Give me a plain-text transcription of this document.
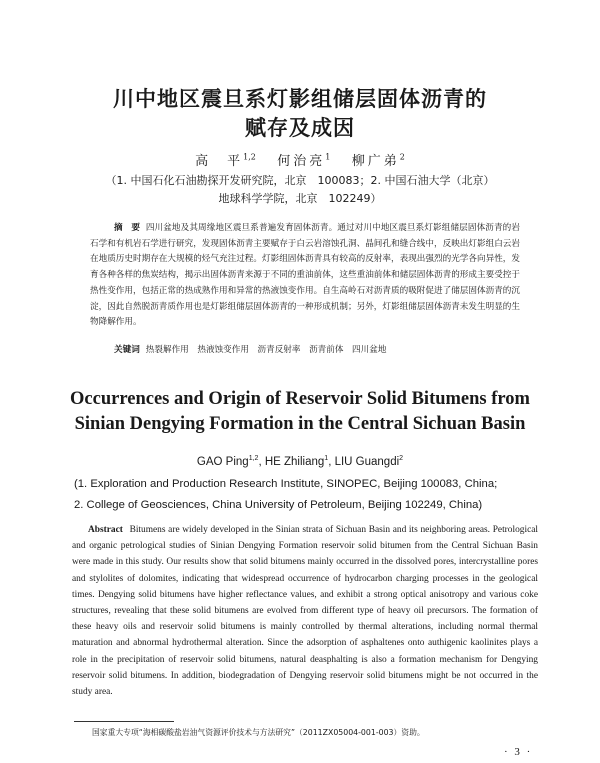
川中地区震旦系灯影组储层固体沥青的
赋存及成因
高　平$^{1,2}$ 何治亮$^1$ 柳广弟$^2$
（1. 中国石化石油勘探开发研究院，北京　100083；2. 中国石油大学（北京）
地球科学学院，北京　102249）
摘　要 四川盆地及其周缘地区震旦系普遍发育固体沥青。通过对川中地区震旦系灯影组储层固体沥青的岩石学和有机岩石学进行研究，发现固体沥青主要赋存于白云岩溶蚀孔洞、晶间孔和缝合线中，反映出灯影组白云岩在地质历史时期存在大规模的烃气充注过程。灯影组固体沥青具有较高的反射率，表现出强烈的光学各向异性，发育各种各样的焦炭结构，揭示出固体沥青来源于不同的重油前体，这些重油前体和储层固体沥青的形成主要受控于热性变作用，包括正常的热成熟作用和异常的热液蚀变作用。自生高岭石对沥青质的吸附促进了储层固体沥青的沉淀，因此自然脱沥青质作用也是灯影组储层固体沥青的一种形成机制；另外，灯影组储层固体沥青未发生明显的生物降解作用。
关键词 热裂解作用　热液蚀变作用　沥青反射率　沥青前体　四川盆地
Occurrences and Origin of Reservoir Solid Bitumens from
Sinian Dengying Formation in the Central Sichuan Basin
GAO Ping$^{1,2}$, HE Zhiliang$^1$, LIU Guangdi$^2$
(1. Exploration and Production Research Institute, SINOPEC, Beijing 100083, China;
2. College of Geosciences, China University of Petroleum, Beijing 102249, China)
Abstract Bitumens are widely developed in the Sinian strata of Sichuan Basin and its neighboring areas. Petrological and organic petrological studies of Sinian Dengying Formation reservoir solid bitumen from the Central Sichuan Basin were made in this study. Our results show that solid bitumens mainly occurred in the dissolved pores, intercrystalline pores and stylolites of dolomites, indicating that widespread occurrence of hydrocarbon charging processes in the geological times. Dengying solid bitumens have higher reflectance values, and exhibit a strong optical anisotropy and various coke structures, revealing that these solid bitumens are evolved from different type of heavy oil precursors. The formation of these heavy oils and reservoir solid bitumens is mainly controlled by thermal alterations, including normal thermal maturation and abnormal hydrothermal alteration. Since the adsorption of asphaltenes onto authigenic kaolinites plays a role in the precipitation of reservoir solid bitumens, natural deasphalting is also a formation mechanism for Dengying reservoir solid bitumens. In addition, biodegradation of Dengying reservoir solid bitumens might be not occurred in the study area.
国家重大专项“海相碳酸盐岩油气资源评价技术与方法研究”（2011ZX05004-001-003）资助。
· 3 ·
